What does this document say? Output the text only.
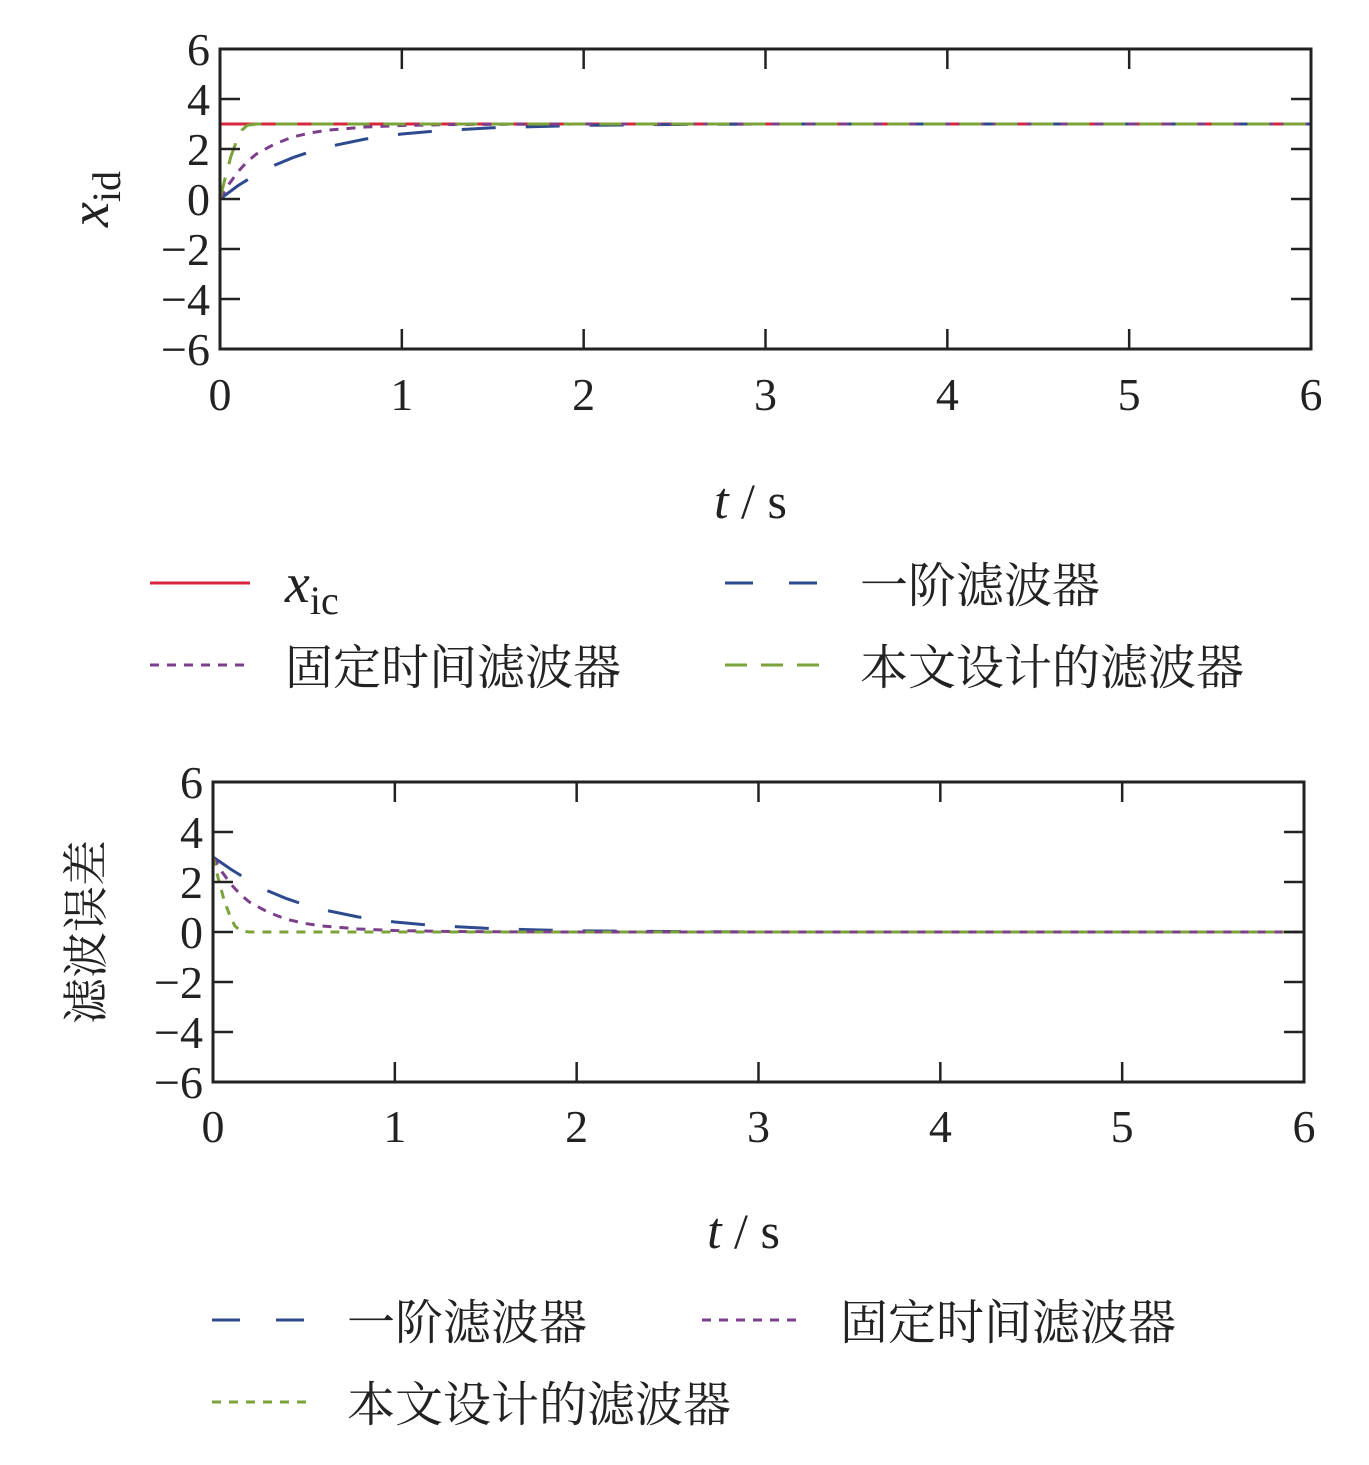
0	1	2	3	4	5	6
−6
−4
−2
0
2
4
6
t / s
$x_{id}$
$x_{ic}$	一阶滤波器
固定时间滤波器	本文设计的滤波器
0	1	2	3	4	5	6
−6
−4
−2
0
2
4
6
t / s
滤波误差
一阶滤波器	固定时间滤波器
本文设计的滤波器
